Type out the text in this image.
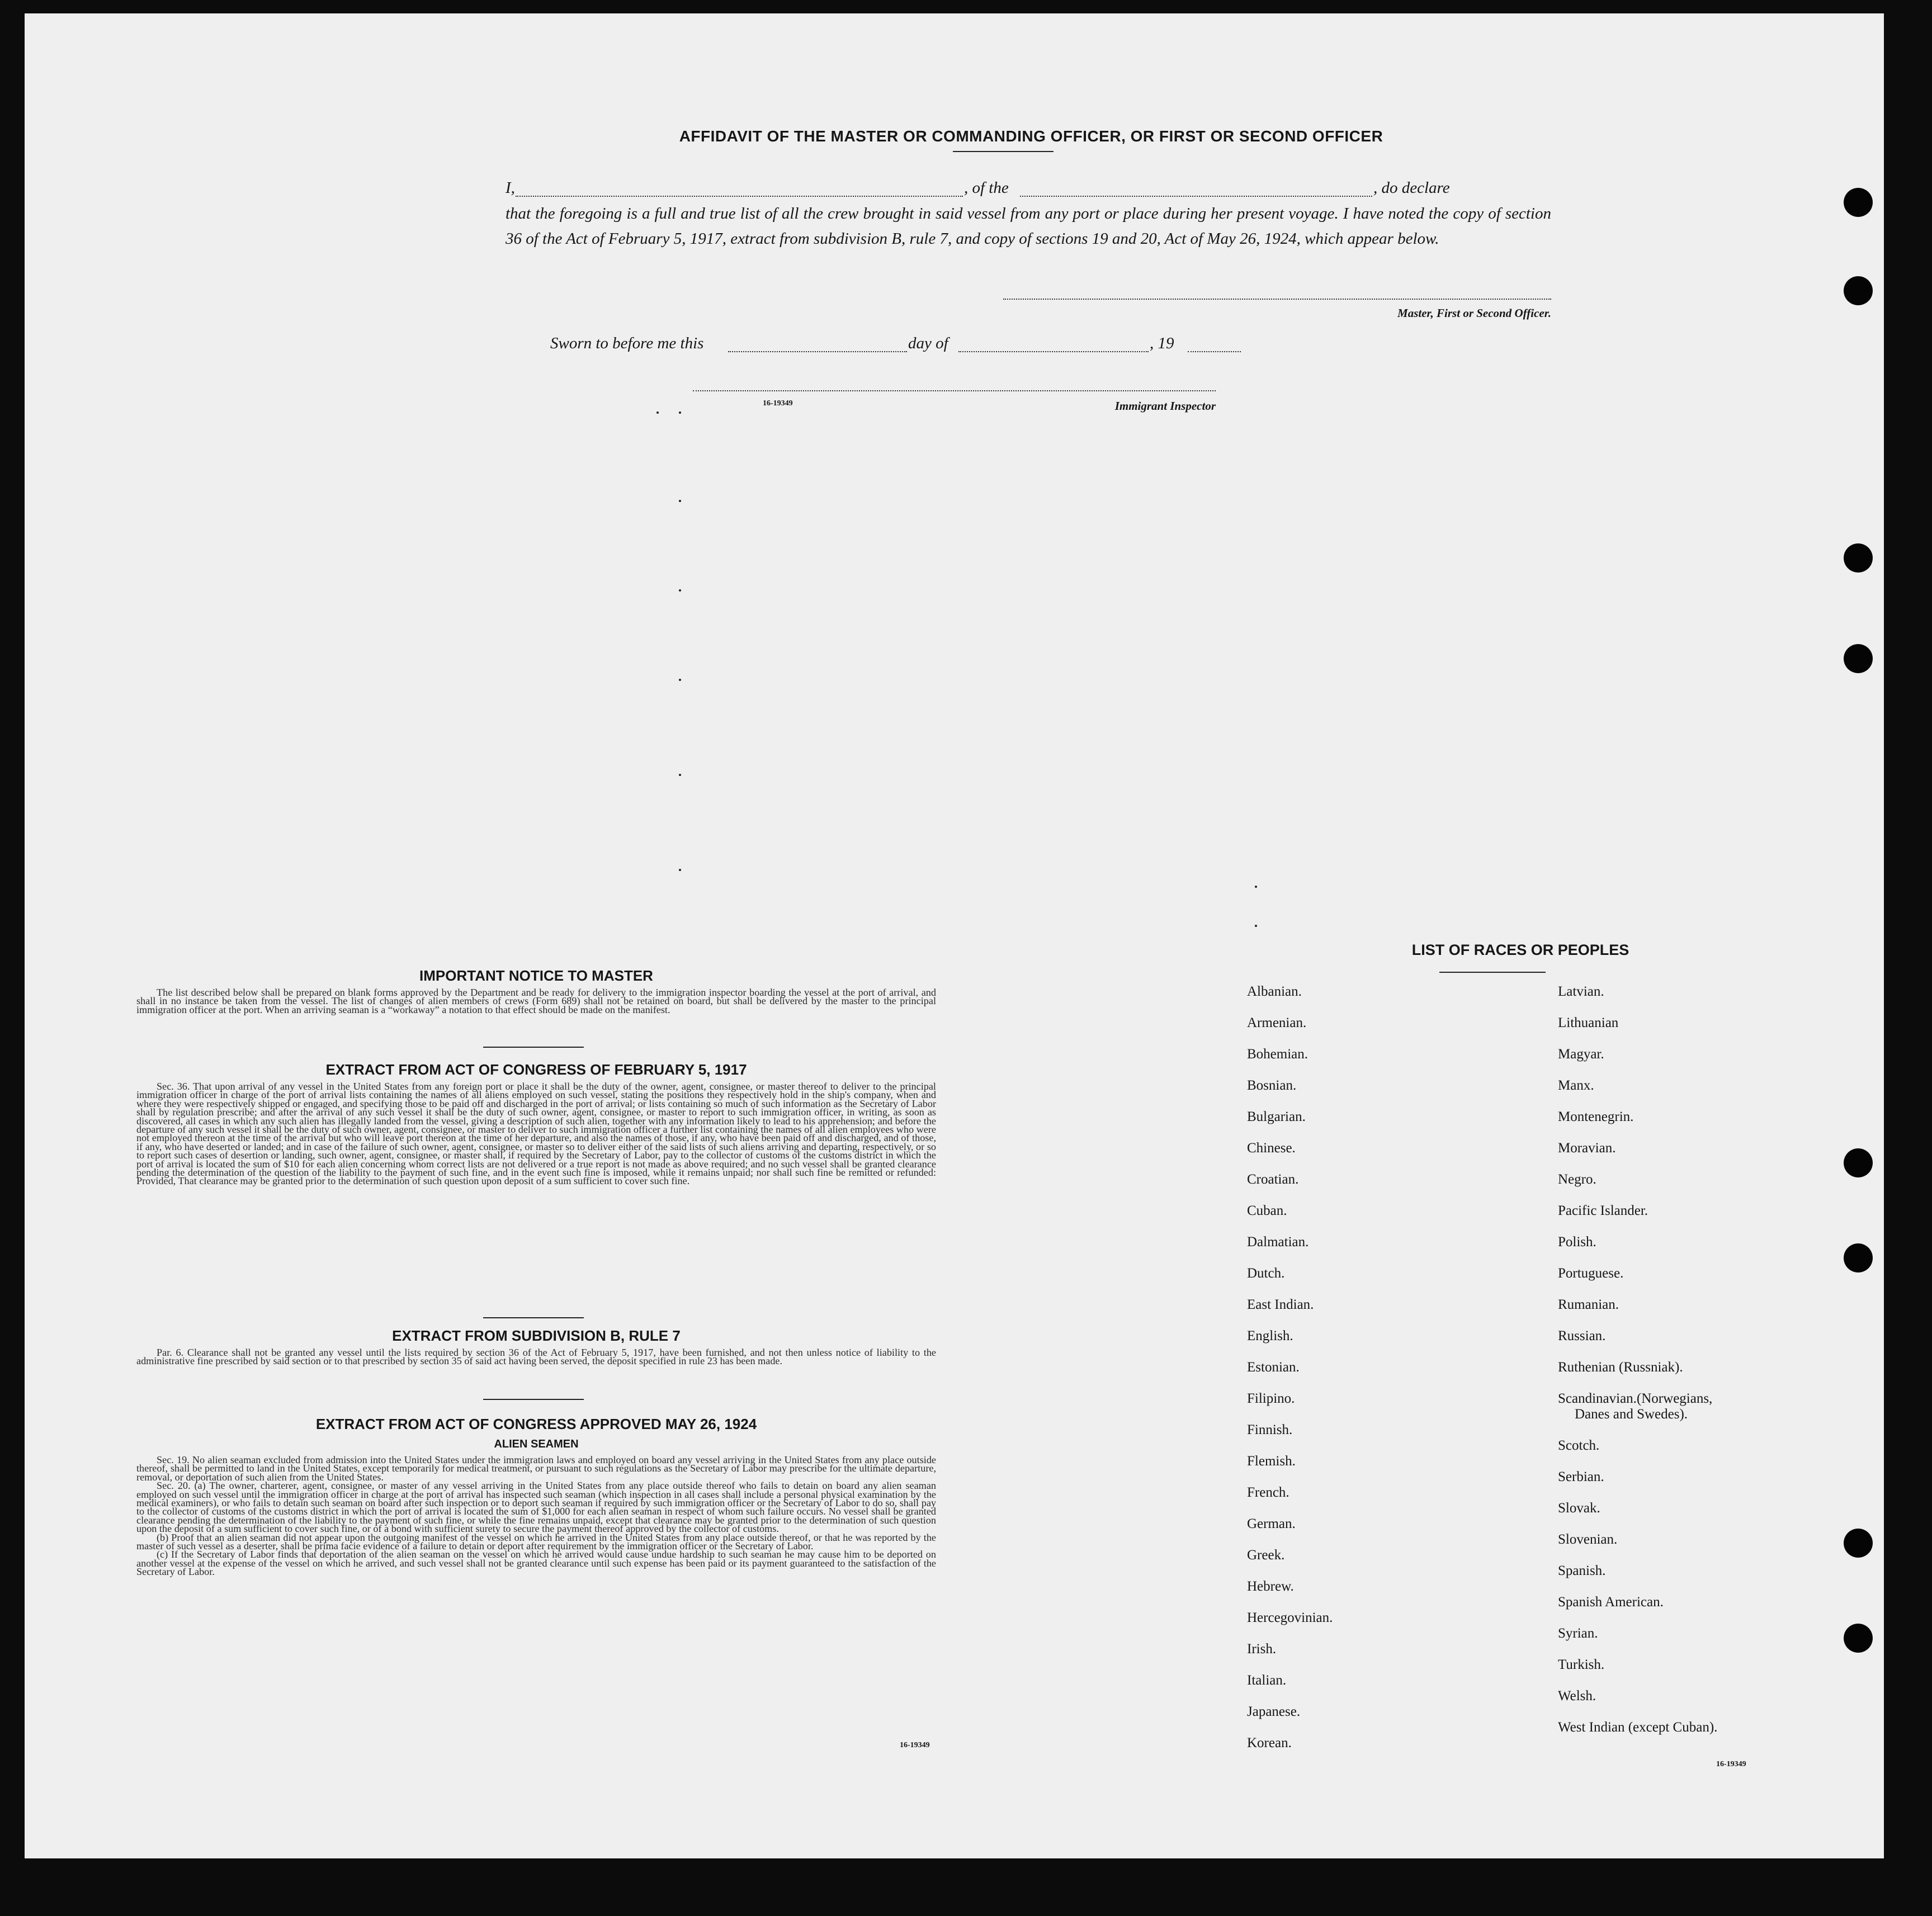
AFFIDAVIT OF THE MASTER OR COMMANDING OFFICER, OR FIRST OR SECOND OFFICER
I,	, of the	, do declare
that the foregoing is a full and true list of all the crew brought in said vessel from any port or place during her present voyage. I have noted the copy of section 36 of the Act of February 5, 1917, extract from subdivision B, rule 7, and copy of sections 19 and 20, Act of May 26, 1924, which appear below.
Master, First or Second Officer.
Sworn to before me this	day of	, 19
16-19349	Immigrant Inspector
IMPORTANT NOTICE TO MASTER

The list described below shall be prepared on blank forms approved by the Department and be ready for delivery to the immigration inspector boarding the vessel at the port of arrival, and shall in no instance be taken from the vessel. The list of changes of alien members of crews (Form 689) shall not be retained on board, but shall be delivered by the master to the principal immigration officer at the port. When an arriving seaman is a “workaway” a notation to that effect should be made on the manifest.

EXTRACT FROM ACT OF CONGRESS OF FEBRUARY 5, 1917

Sec. 36. That upon arrival of any vessel in the United States from any foreign port or place it shall be the duty of the owner, agent, consignee, or master thereof to deliver to the principal immigration officer in charge of the port of arrival lists containing the names of all aliens employed on such vessel, stating the positions they respectively hold in the ship's company, when and where they were respectively shipped or engaged, and specifying those to be paid off and discharged in the port of arrival; or lists containing so much of such information as the Secretary of Labor shall by regulation prescribe; and after the arrival of any such vessel it shall be the duty of such owner, agent, consignee, or master to report to such immigration officer, in writing, as soon as discovered, all cases in which any such alien has illegally landed from the vessel, giving a description of such alien, together with any information likely to lead to his apprehension; and before the departure of any such vessel it shall be the duty of such owner, agent, consignee, or master to deliver to such immigration officer a further list containing the names of all alien employees who were not employed thereon at the time of the arrival but who will leave port thereon at the time of her departure, and also the names of those, if any, who have been paid off and discharged, and of those, if any, who have deserted or landed; and in case of the failure of such owner, agent, consignee, or master so to deliver either of the said lists of such aliens arriving and departing, respectively, or so to report such cases of desertion or landing, such owner, agent, consignee, or master shall, if required by the Secretary of Labor, pay to the collector of customs of the customs district in which the port of arrival is located the sum of $10 for each alien concerning whom correct lists are not delivered or a true report is not made as above required; and no such vessel shall be granted clearance pending the determination of the question of the liability to the payment of such fine, and in the event such fine is imposed, while it remains unpaid; nor shall such fine be remitted or refunded: Provided, That clearance may be granted prior to the determination of such question upon deposit of a sum sufficient to cover such fine.

EXTRACT FROM SUBDIVISION B, RULE 7

Par. 6. Clearance shall not be granted any vessel until the lists required by section 36 of the Act of February 5, 1917, have been furnished, and not then unless notice of liability to the administrative fine prescribed by said section or to that prescribed by section 35 of said act having been served, the deposit specified in rule 23 has been made.

EXTRACT FROM ACT OF CONGRESS APPROVED MAY 26, 1924
ALIEN SEAMEN

Sec. 19. No alien seaman excluded from admission into the United States under the immigration laws and employed on board any vessel arriving in the United States from any place outside thereof, shall be permitted to land in the United States, except temporarily for medical treatment, or pursuant to such regulations as the Secretary of Labor may prescribe for the ultimate departure, removal, or deportation of such alien from the United States.

Sec. 20. (a) The owner, charterer, agent, consignee, or master of any vessel arriving in the United States from any place outside thereof who fails to detain on board any alien seaman employed on such vessel until the immigration officer in charge at the port of arrival has inspected such seaman (which inspection in all cases shall include a personal physical examination by the medical examiners), or who fails to detain such seaman on board after such inspection or to deport such seaman if required by such immigration officer or the Secretary of Labor to do so, shall pay to the collector of customs of the customs district in which the port of arrival is located the sum of $1,000 for each alien seaman in respect of whom such failure occurs. No vessel shall be granted clearance pending the determination of the liability to the payment of such fine, or while the fine remains unpaid, except that clearance may be granted prior to the determination of such question upon the deposit of a sum sufficient to cover such fine, or of a bond with sufficient surety to secure the payment thereof approved by the collector of customs.

(b) Proof that an alien seaman did not appear upon the outgoing manifest of the vessel on which he arrived in the United States from any place outside thereof, or that he was reported by the master of such vessel as a deserter, shall be prima facie evidence of a failure to detain or deport after requirement by the immigration officer or the Secretary of Labor.

(c) If the Secretary of Labor finds that deportation of the alien seaman on the vessel on which he arrived would cause undue hardship to such seaman he may cause him to be deported on another vessel at the expense of the vessel on which he arrived, and such vessel shall not be granted clearance until such expense has been paid or its payment guaranteed to the satisfaction of the Secretary of Labor.

16-19349
LIST OF RACES OR PEOPLES
Albanian.
Armenian.
Bohemian.
Bosnian.
Bulgarian.
Chinese.
Croatian.
Cuban.
Dalmatian.
Dutch.
East Indian.
English.
Estonian.
Filipino.
Finnish.
Flemish.
French.
German.
Greek.
Hebrew.
Hercegovinian.
Irish.
Italian.
Japanese.
Korean.
Latvian.
Lithuanian
Magyar.
Manx.
Montenegrin.
Moravian.
Negro.
Pacific Islander.
Polish.
Portuguese.
Rumanian.
Russian.
Ruthenian (Russniak).
Scandinavian.(Norwegians,
Danes and Swedes).
Scotch.
Serbian.
Slovak.
Slovenian.
Spanish.
Spanish American.
Syrian.
Turkish.
Welsh.
West Indian (except Cuban).
16-19349
